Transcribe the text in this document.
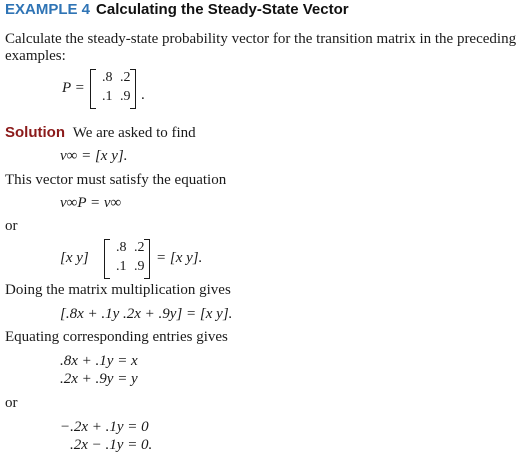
EXAMPLE 4 Calculating the Steady-State Vector
Calculate the steady-state probability vector for the transition matrix in the preceding
examples:
P =
.8 .2
.1 .9 .
Solution We are asked to find
v∞ = [x y].
This vector must satisfy the equation
v∞P = v∞
or
[x y]
.8 .2
.1 .9
= [x y].
Doing the matrix multiplication gives
[.8x + .1y .2x + .9y] = [x y].
Equating corresponding entries gives
.8x + .1y = x
.2x + .9y = y
or
−.2x + .1y = 0
.2x − .1y = 0.
